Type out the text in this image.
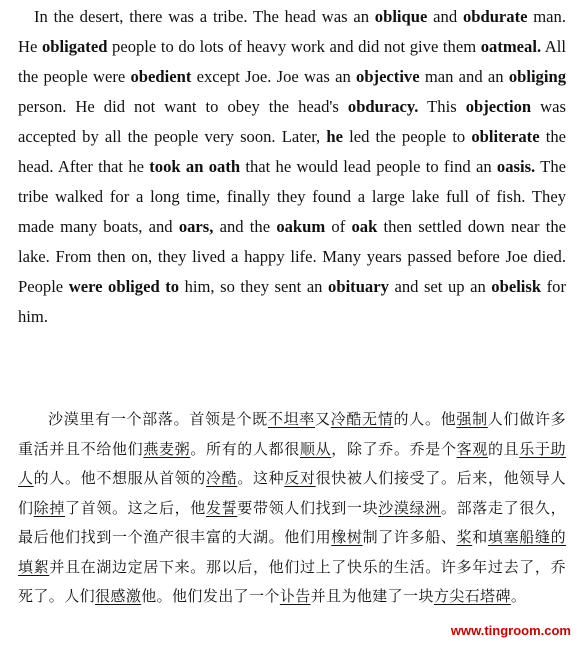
In the desert, there was a tribe. The head was an oblique and obdurate man. He obligated people to do lots of heavy work and did not give them oatmeal. All the people were obedient except Joe. Joe was an objective man and an obliging person. He did not want to obey the head's obduracy. This objection was accepted by all the people very soon. Later, he led the people to obliterate the head. After that he took an oath that he would lead people to find an oasis. The tribe walked for a long time, finally they found a large lake full of fish. They made many boats, and oars, and the oakum of oak then settled down near the lake. From then on, they lived a happy life. Many years passed before Joe died. People were obliged to him, so they sent an obituary and set up an obelisk for him.

沙漠里有一个部落。首领是个既不坦率又冷酷无情的人。他强制人们做许多重活并且不给他们燕麦粥。所有的人都很顺从，除了乔。乔是个客观的且乐于助人的人。他不想服从首领的冷酷。这种反对很快被人们接受了。后来，他领导人们除掉了首领。这之后，他发誓要带领人们找到一块沙漠绿洲。部落走了很久，最后他们找到一个渔产很丰富的大湖。他们用橡树制了许多船、桨和填塞船缝的填絮并且在湖边定居下来。那以后，他们过上了快乐的生活。许多年过去了，乔死了。人们很感激他。他们发出了一个讣告并且为他建了一块方尖石塔碑。

www.tingroom.com
